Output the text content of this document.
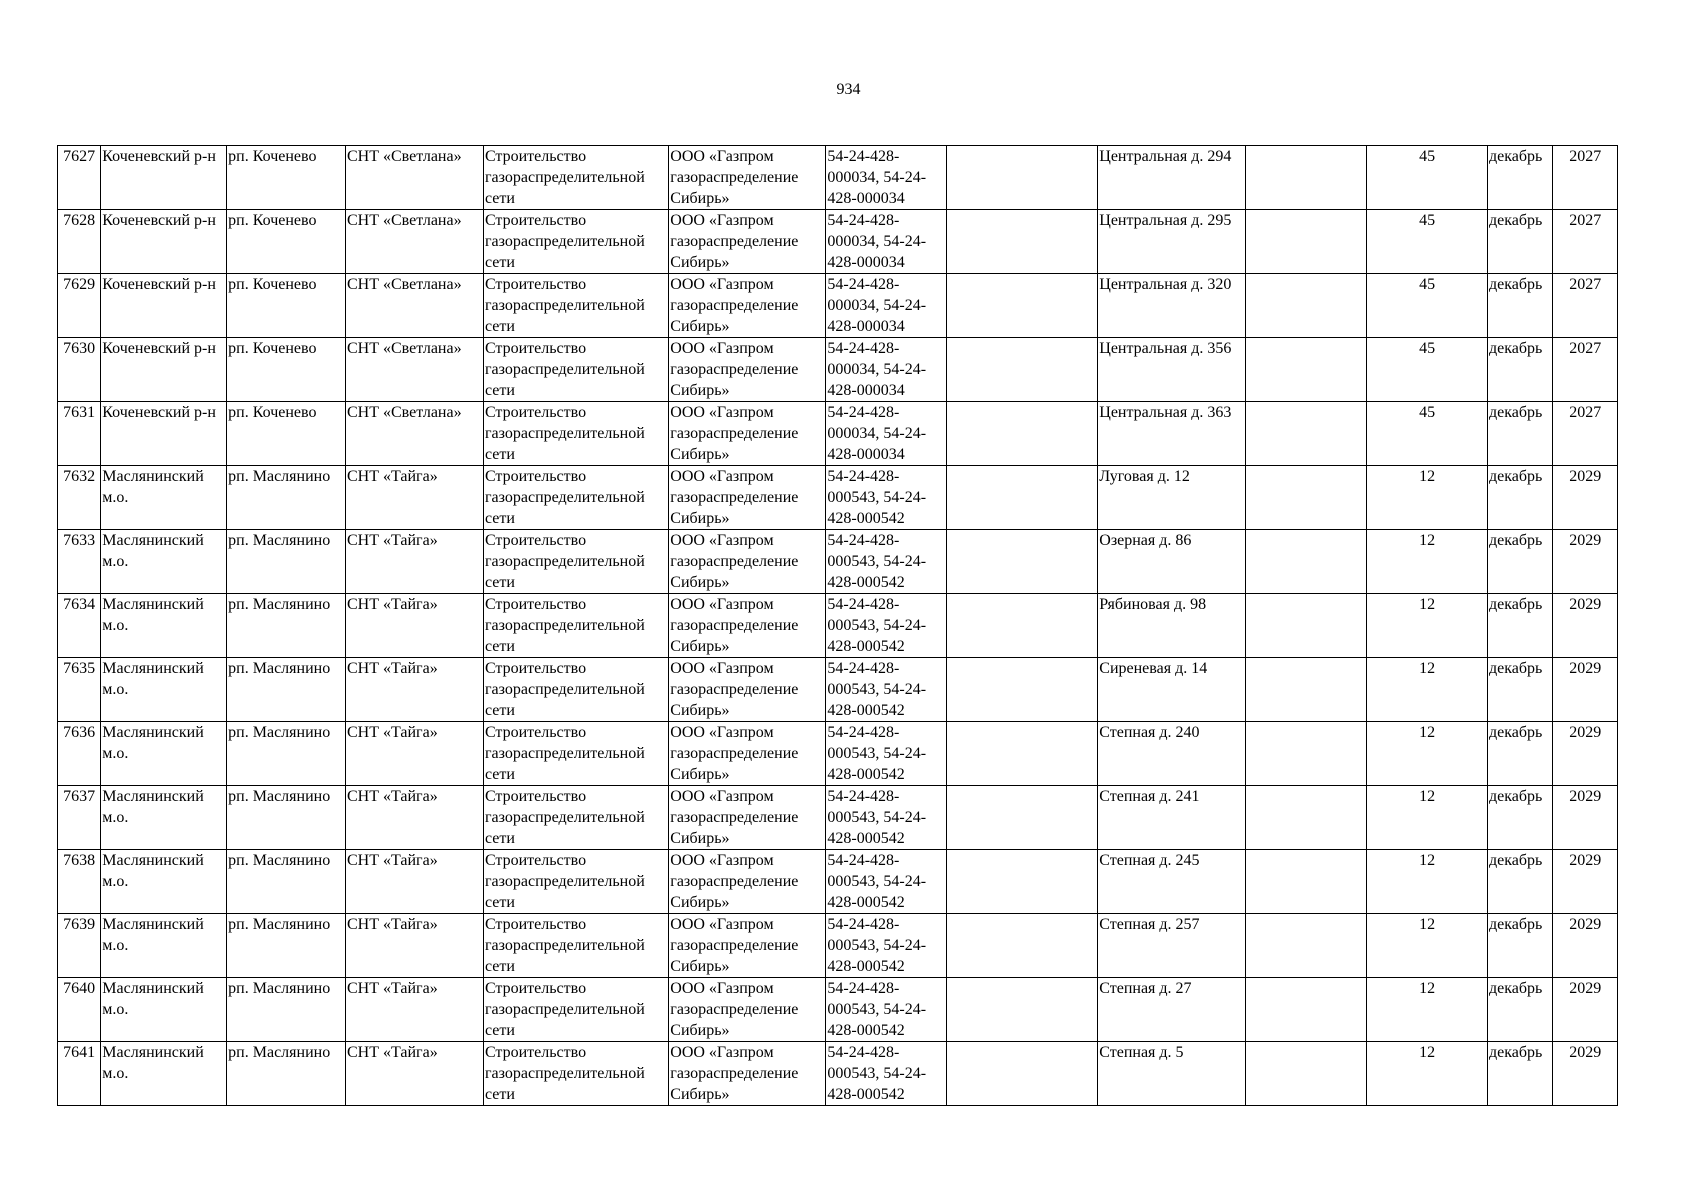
934
7627	Коченевский р-н	рп. Коченево	СНТ «Светлана»	Строительство газораспределительной сети	ООО «Газпром газораспределение Сибирь»	54-24-428-000034, 54-24-428-000034		Центральная д. 294		45	декабрь	2027
7628	Коченевский р-н	рп. Коченево	СНТ «Светлана»	Строительство газораспределительной сети	ООО «Газпром газораспределение Сибирь»	54-24-428-000034, 54-24-428-000034		Центральная д. 295		45	декабрь	2027
7629	Коченевский р-н	рп. Коченево	СНТ «Светлана»	Строительство газораспределительной сети	ООО «Газпром газораспределение Сибирь»	54-24-428-000034, 54-24-428-000034		Центральная д. 320		45	декабрь	2027
7630	Коченевский р-н	рп. Коченево	СНТ «Светлана»	Строительство газораспределительной сети	ООО «Газпром газораспределение Сибирь»	54-24-428-000034, 54-24-428-000034		Центральная д. 356		45	декабрь	2027
7631	Коченевский р-н	рп. Коченево	СНТ «Светлана»	Строительство газораспределительной сети	ООО «Газпром газораспределение Сибирь»	54-24-428-000034, 54-24-428-000034		Центральная д. 363		45	декабрь	2027
7632	Маслянинский м.о.	рп. Маслянино	СНТ «Тайга»	Строительство газораспределительной сети	ООО «Газпром газораспределение Сибирь»	54-24-428-000543, 54-24-428-000542		Луговая д. 12		12	декабрь	2029
7633	Маслянинский м.о.	рп. Маслянино	СНТ «Тайга»	Строительство газораспределительной сети	ООО «Газпром газораспределение Сибирь»	54-24-428-000543, 54-24-428-000542		Озерная д. 86		12	декабрь	2029
7634	Маслянинский м.о.	рп. Маслянино	СНТ «Тайга»	Строительство газораспределительной сети	ООО «Газпром газораспределение Сибирь»	54-24-428-000543, 54-24-428-000542		Рябиновая д. 98		12	декабрь	2029
7635	Маслянинский м.о.	рп. Маслянино	СНТ «Тайга»	Строительство газораспределительной сети	ООО «Газпром газораспределение Сибирь»	54-24-428-000543, 54-24-428-000542		Сиреневая д. 14		12	декабрь	2029
7636	Маслянинский м.о.	рп. Маслянино	СНТ «Тайга»	Строительство газораспределительной сети	ООО «Газпром газораспределение Сибирь»	54-24-428-000543, 54-24-428-000542		Степная д. 240		12	декабрь	2029
7637	Маслянинский м.о.	рп. Маслянино	СНТ «Тайга»	Строительство газораспределительной сети	ООО «Газпром газораспределение Сибирь»	54-24-428-000543, 54-24-428-000542		Степная д. 241		12	декабрь	2029
7638	Маслянинский м.о.	рп. Маслянино	СНТ «Тайга»	Строительство газораспределительной сети	ООО «Газпром газораспределение Сибирь»	54-24-428-000543, 54-24-428-000542		Степная д. 245		12	декабрь	2029
7639	Маслянинский м.о.	рп. Маслянино	СНТ «Тайга»	Строительство газораспределительной сети	ООО «Газпром газораспределение Сибирь»	54-24-428-000543, 54-24-428-000542		Степная д. 257		12	декабрь	2029
7640	Маслянинский м.о.	рп. Маслянино	СНТ «Тайга»	Строительство газораспределительной сети	ООО «Газпром газораспределение Сибирь»	54-24-428-000543, 54-24-428-000542		Степная д. 27		12	декабрь	2029
7641	Маслянинский м.о.	рп. Маслянино	СНТ «Тайга»	Строительство газораспределительной сети	ООО «Газпром газораспределение Сибирь»	54-24-428-000543, 54-24-428-000542		Степная д. 5		12	декабрь	2029
